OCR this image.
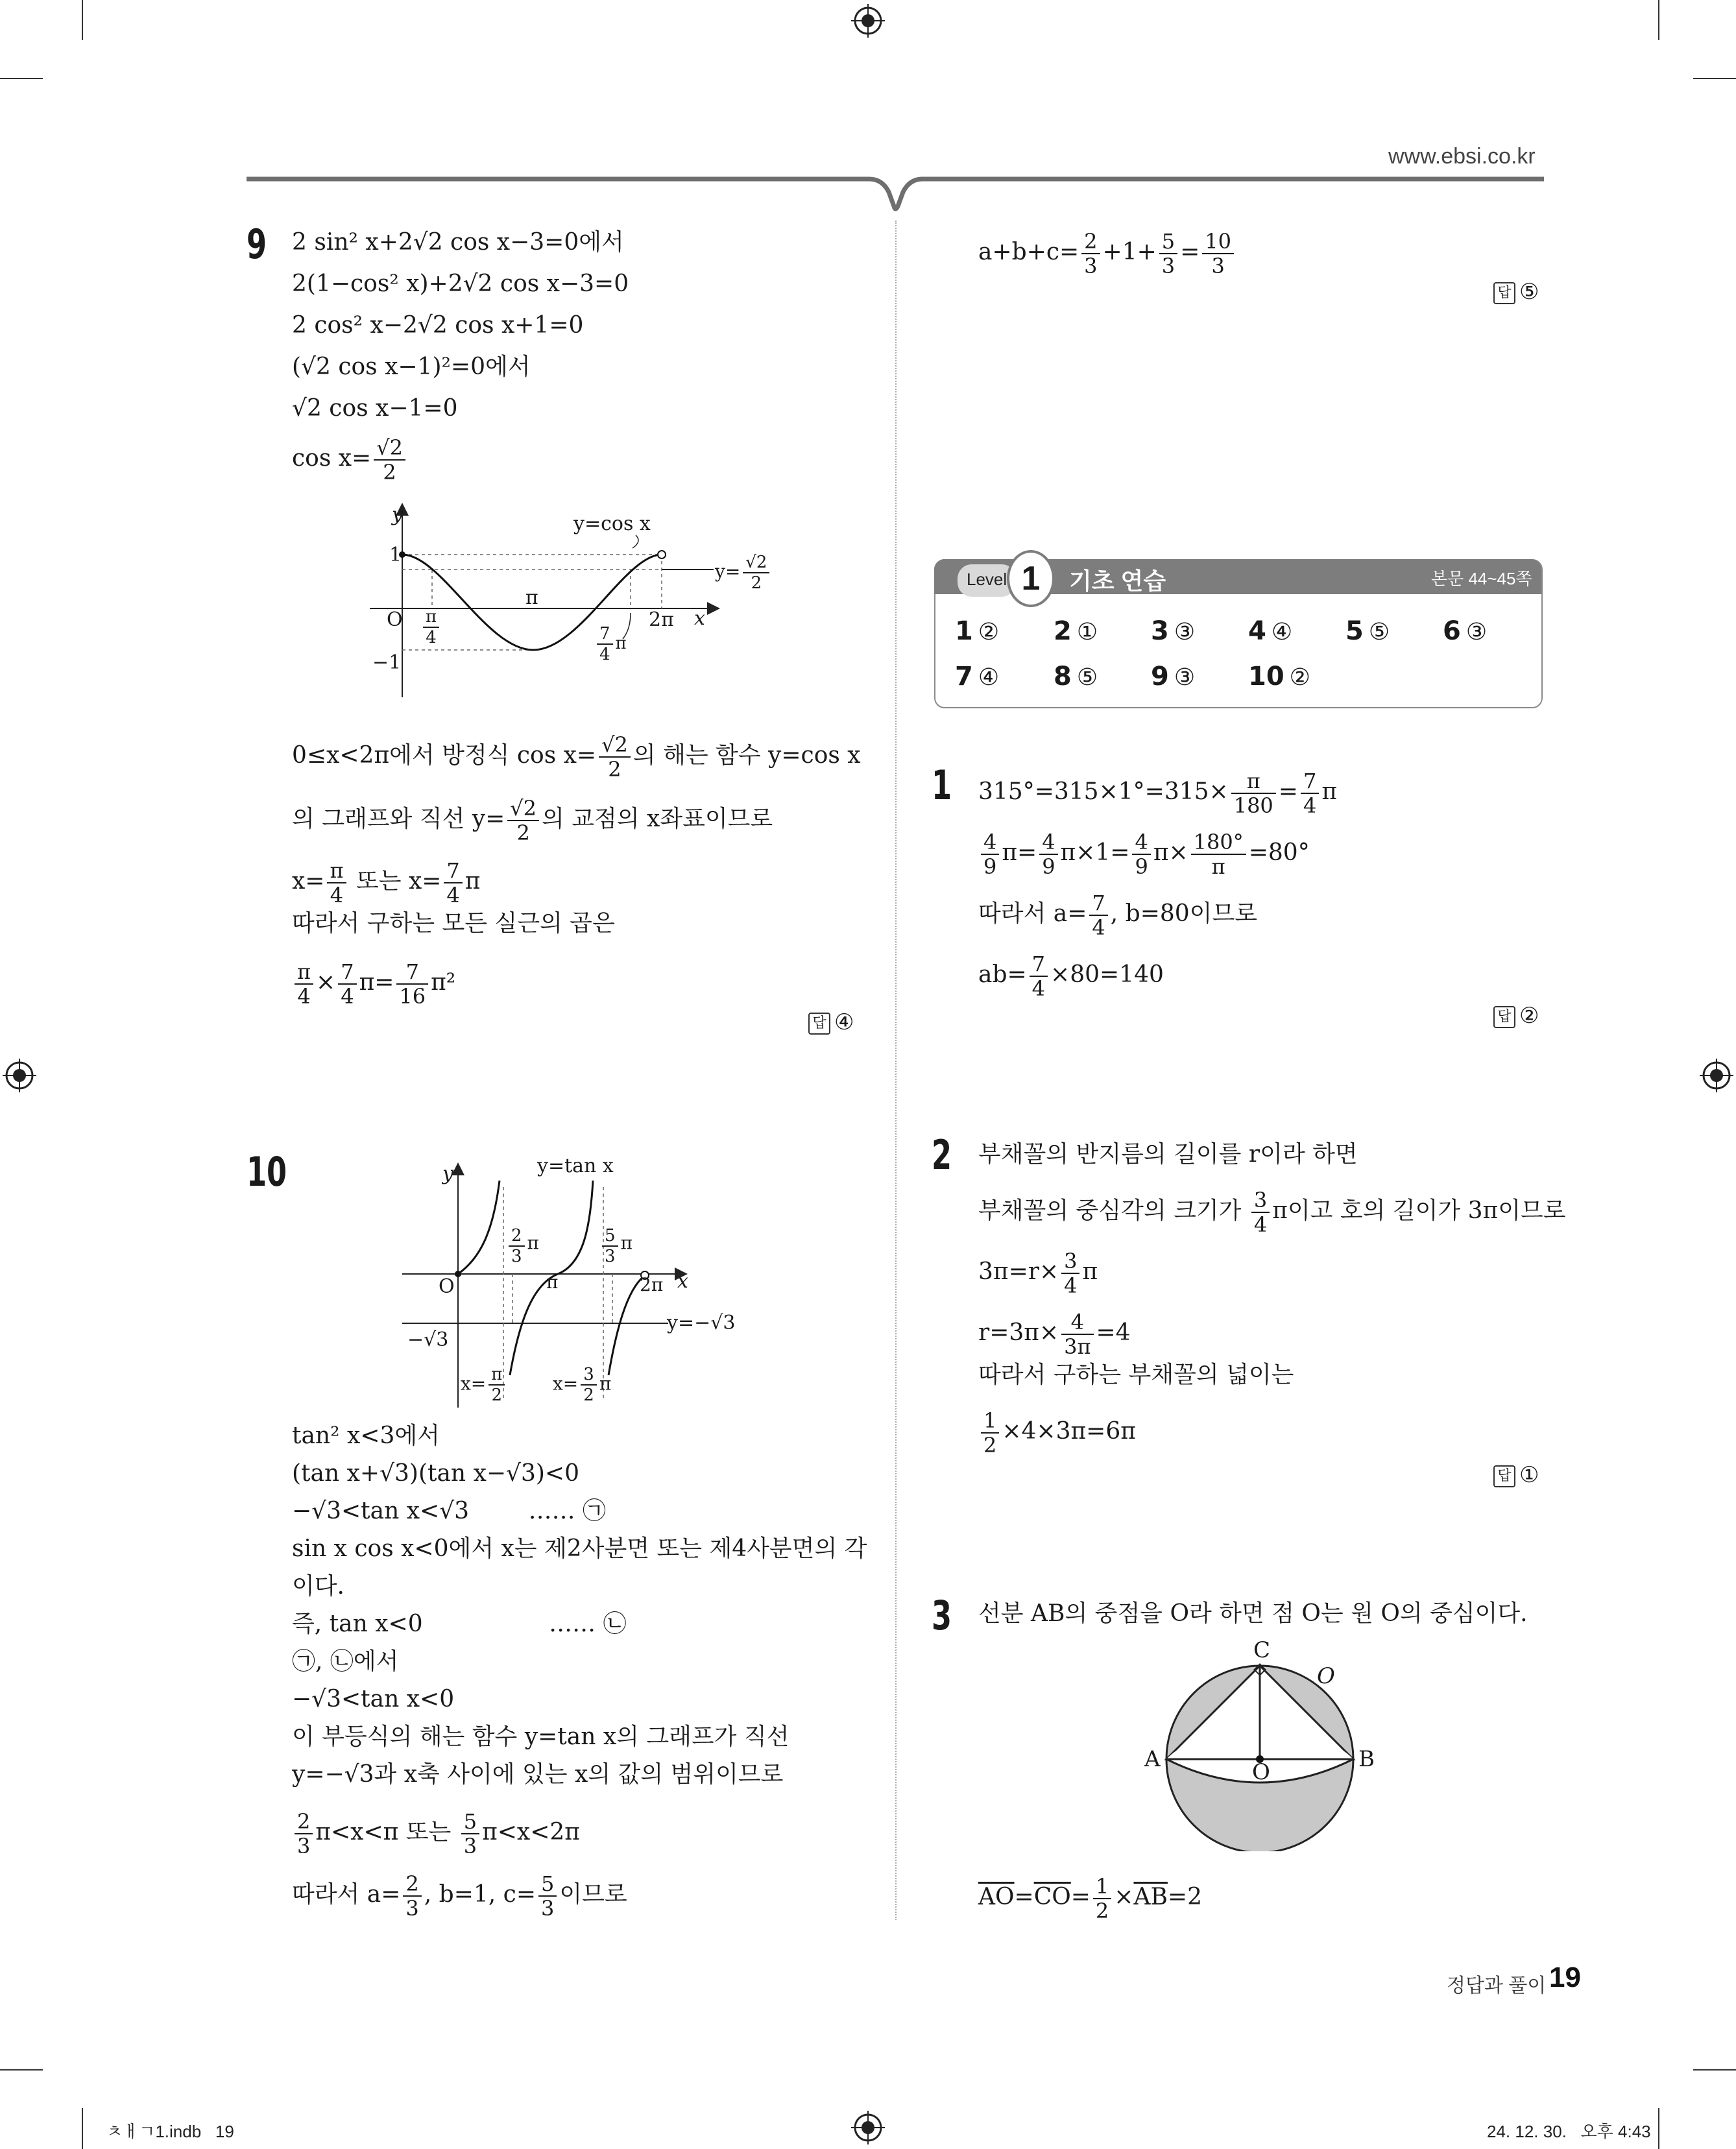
www.ebsi.co.kr
9 2 sin² x+2√2 cos x−3=0에서
2(1−cos² x)+2√2 cos x−3=0
2 cos² x−2√2 cos x+1=0
(√2 cos x−1)²=0에서
√2 cos x−1=0
$\cos x= \frac{√2}{2}$
y
x
y=cos x
$y= \frac{√2}{2}$
O
1
−1
π
2π
$\frac{\pi}{4}$	$\frac{7}{4}$ π
0≤x<2π에서 방정식 $\cos x= \frac{√2}{2}$ 의 해는 함수 y=cos x
의 그래프와 직선 $y= \frac{√2}{2}$ 의 교점의 x좌표이므로
$x= \frac{\pi}{4}$ 또는 $x= \frac{7}{4}$ π
따라서 구하는 모든 실근의 곱은
$\frac{\pi}{4} \times \frac{7}{4} \pi= \frac{7}{16} \pi^2$
답 ④
10	y
x
y=tan x
O
y=−√3
−√3
π	2π
$\frac{2}{3}$ π	$\frac{5}{3}$ π
$x= \frac{\pi}{2}$	$x= \frac{3}{2}$ π
tan² x<3에서
(tan x+√3)(tan x−√3)<0
−√3<tan x<√3        …… ㉠
sin x cos x<0에서 x는 제2사분면 또는 제4사분면의 각
이다.
즉, tan x<0                 …… ㉡
㉠, ㉡에서
−√3<tan x<0
이 부등식의 해는 함수 y=tan x의 그래프가 직선
y=−√3과 x축 사이에 있는 x의 값의 범위이므로
$\frac{2}{3} \pi<x<\pi$ 또는 $\frac{5}{3} \pi<x<2\pi$
따라서 $a= \frac{2}{3}$ , b=1, $c= \frac{5}{3}$ 이므로
$a+b+c= \frac{2}{3} +1+ \frac{5}{3} = \frac{10}{3}$
답 ⑤
Level 1	기초 연습	본문 44~45쪽
1 ② 2 ① 3 ③ 4 ④ 5 ⑤ 6 ③
7 ④ 8 ⑤ 9 ③ 10 ②
1 $315^\circ=315\times 1^\circ=315\times \frac{\pi}{180} = \frac{7}{4}$ π
$\frac{4}{9} \pi= \frac{4}{9} \pi\times 1= \frac{4}{9} \pi\times \frac{180^\circ}{\pi} =80^\circ$
따라서 $a= \frac{7}{4}$ , b=80이므로
$ab= \frac{7}{4} \times 80=140$
답 ②
2 부채꼴의 반지름의 길이를 r이라 하면
부채꼴의 중심각의 크기가 $\frac{3}{4}$ π이고 호의 길이가 3π이므로
$3\pi=r\times \frac{3}{4}$ π
$r=3\pi\times \frac{4}{3\pi} =4$
따라서 구하는 부채꼴의 넓이는
$\frac{1}{2} \times 4\times 3\pi=6\pi$
답 ①
3 선분 AB의 중점을 O라 하면 점 O는 원 O의 중심이다.
A	B
C
O
O
$\overline{AO}=\overline{CO}= \frac{1}{2} \times\overline{AB}=2$
정답과 풀이 19
ㅊㅐㄱ1.indb   19	24. 12. 30.   오후 4:43
